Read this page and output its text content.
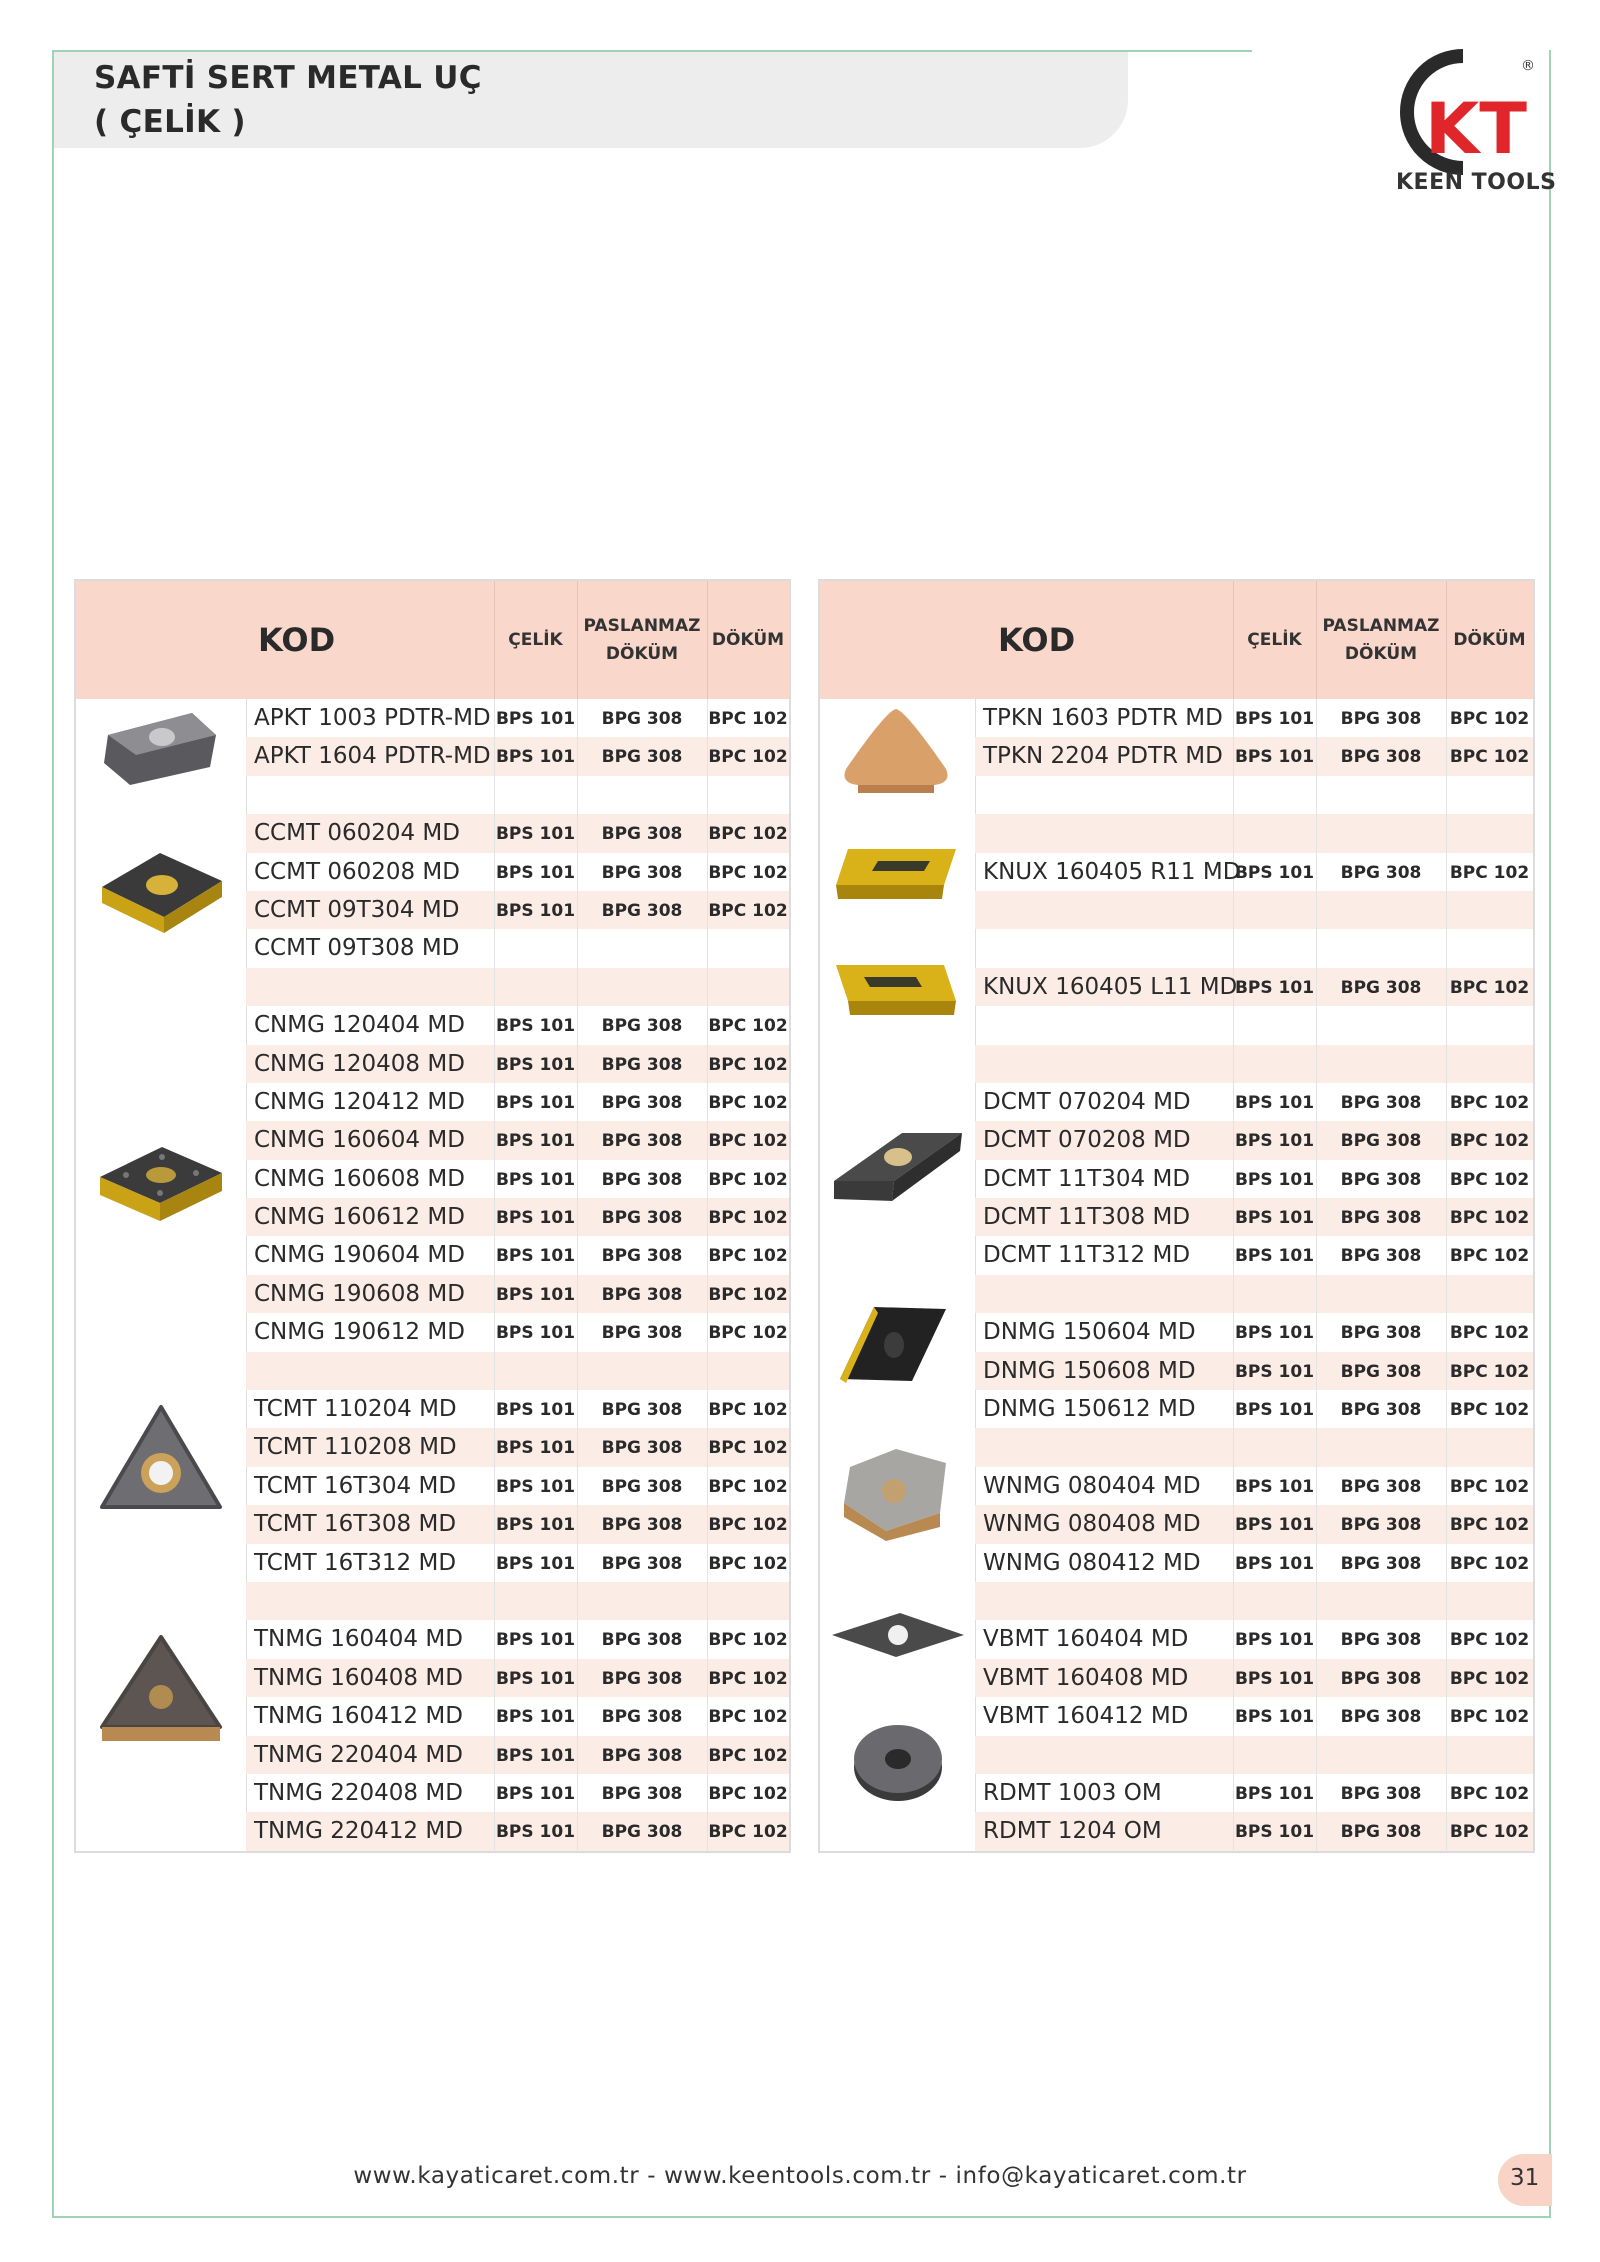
SAFTİ SERT METAL UÇ
( ÇELİK )	KT
®
KEEN TOOLS
KOD	ÇELİK
PASLANMAZ
DÖKÜM
DÖKÜM
APKT 1003 PDTR-MD BPS 101	BPG 308	BPC 102
APKT 1604 PDTR-MD BPS 101	BPG 308	BPC 102
CCMT 060204 MD BPS 101	BPG 308	BPC 102
CCMT 060208 MD BPS 101	BPG 308	BPC 102
CCMT 09T304 MD BPS 101	BPG 308	BPC 102
CCMT 09T308 MD
CNMG 120404 MD BPS 101	BPG 308	BPC 102
CNMG 120408 MD BPS 101	BPG 308	BPC 102
CNMG 120412 MD BPS 101	BPG 308	BPC 102
CNMG 160604 MD BPS 101	BPG 308	BPC 102
CNMG 160608 MD BPS 101	BPG 308	BPC 102
CNMG 160612 MD BPS 101	BPG 308	BPC 102
CNMG 190604 MD BPS 101	BPG 308	BPC 102
CNMG 190608 MD BPS 101	BPG 308	BPC 102
CNMG 190612 MD BPS 101	BPG 308	BPC 102
TCMT 110204 MD BPS 101	BPG 308	BPC 102
TCMT 110208 MD BPS 101	BPG 308	BPC 102
TCMT 16T304 MD BPS 101	BPG 308	BPC 102
TCMT 16T308 MD BPS 101	BPG 308	BPC 102
TCMT 16T312 MD BPS 101	BPG 308	BPC 102
TNMG 160404 MD BPS 101	BPG 308	BPC 102
TNMG 160408 MD BPS 101	BPG 308	BPC 102
TNMG 160412 MD BPS 101	BPG 308	BPC 102
TNMG 220404 MD BPS 101	BPG 308	BPC 102
TNMG 220408 MD BPS 101	BPG 308	BPC 102
TNMG 220412 MD BPS 101	BPG 308	BPC 102
KOD	ÇELİK
PASLANMAZ
DÖKÜM
DÖKÜM
TPKN 1603 PDTR MD BPS 101	BPG 308	BPC 102
TPKN 2204 PDTR MD BPS 101	BPG 308	BPC 102
KNUX 160405 R11 MD
BPS 101	BPG 308	BPC 102
KNUX 160405 L11 MD
BPS 101	BPG 308	BPC 102
DCMT 070204 MD	BPS 101	BPG 308	BPC 102
DCMT 070208 MD	BPS 101	BPG 308	BPC 102
DCMT 11T304 MD	BPS 101	BPG 308	BPC 102
DCMT 11T308 MD	BPS 101	BPG 308	BPC 102
DCMT 11T312 MD	BPS 101	BPG 308	BPC 102
DNMG 150604 MD BPS 101	BPG 308	BPC 102
DNMG 150608 MD BPS 101	BPG 308	BPC 102
DNMG 150612 MD BPS 101	BPG 308	BPC 102
WNMG 080404 MD BPS 101	BPG 308	BPC 102
WNMG 080408 MD BPS 101	BPG 308	BPC 102
WNMG 080412 MD BPS 101	BPG 308	BPC 102
VBMT 160404 MD	BPS 101	BPG 308	BPC 102
VBMT 160408 MD	BPS 101	BPG 308	BPC 102
VBMT 160412 MD	BPS 101	BPG 308	BPC 102
RDMT 1003 OM	BPS 101	BPG 308	BPC 102
RDMT 1204 OM	BPS 101	BPG 308	BPC 102
www.kayaticaret.com.tr - www.keentools.com.tr - info@kayaticaret.com.tr	31
